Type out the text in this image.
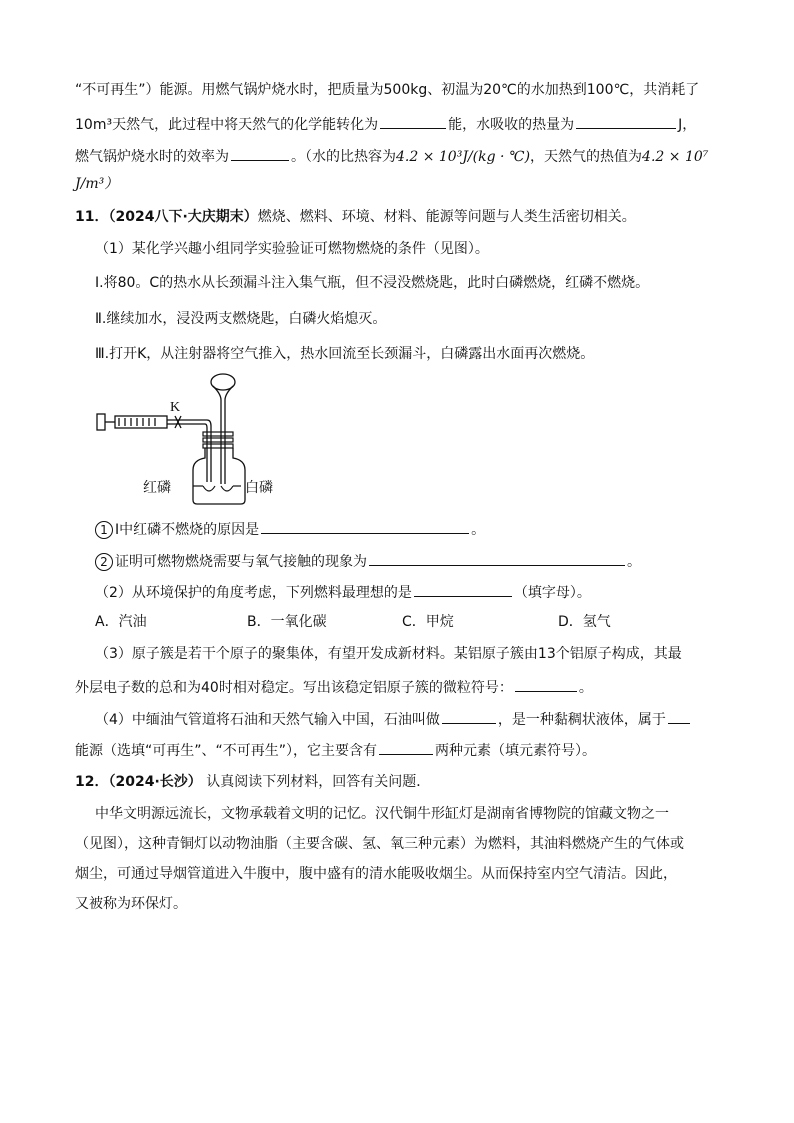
“不可再生”）能源。用燃气锅炉烧水时，把质量为500kg、初温为20℃的水加热到100℃，共消耗了
10m³天然气，此过程中将天然气的化学能转化为	能，水吸收的热量为	J，
燃气锅炉烧水时的效率为	。（水的比热容为4.2 × 10³J/(kg · ℃)，天然气的热值为4.2 × 10⁷
J/m³）
11．（2024八下·大庆期末）燃烧、燃料、环境、材料、能源等问题与人类生活密切相关。
（1）某化学兴趣小组同学实验验证可燃物燃烧的条件（见图）。
Ⅰ.将80。C的热水从长颈漏斗注入集气瓶，但不浸没燃烧匙，此时白磷燃烧，红磷不燃烧。
Ⅱ.继续加水，浸没两支燃烧匙，白磷火焰熄灭。
Ⅲ.打开K，从注射器将空气推入，热水回流至长颈漏斗，白磷露出水面再次燃烧。
K
红磷	白磷
1 Ⅰ中红磷不燃烧的原因是	。
2 证明可燃物燃烧需要与氧气接触的现象为	。
（2）从环境保护的角度考虑，下列燃料最理想的是	（填字母）。
A．汽油	B．一氧化碳	C．甲烷	D．氢气
（3）原子簇是若干个原子的聚集体，有望开发成新材料。某铝原子簇由13个铝原子构成，其最
外层电子数的总和为40时相对稳定。写出该稳定铝原子簇的微粒符号：	。
（4）中缅油气管道将石油和天然气输入中国，石油叫做	，是一种黏稠状液体，属于
能源（选填“可再生”、“不可再生”），它主要含有	两种元素（填元素符号）。
12．（2024·长沙） 认真阅读下列材料，回答有关问题．
中华文明源远流长，文物承载着文明的记忆。汉代铜牛形缸灯是湖南省博物院的馆藏文物之一
（见图），这种青铜灯以动物油脂（主要含碳、氢、氧三种元素）为燃料，其油料燃烧产生的气体或
烟尘，可通过导烟管道进入牛腹中，腹中盛有的清水能吸收烟尘。从而保持室内空气清洁。因此，
又被称为环保灯。
